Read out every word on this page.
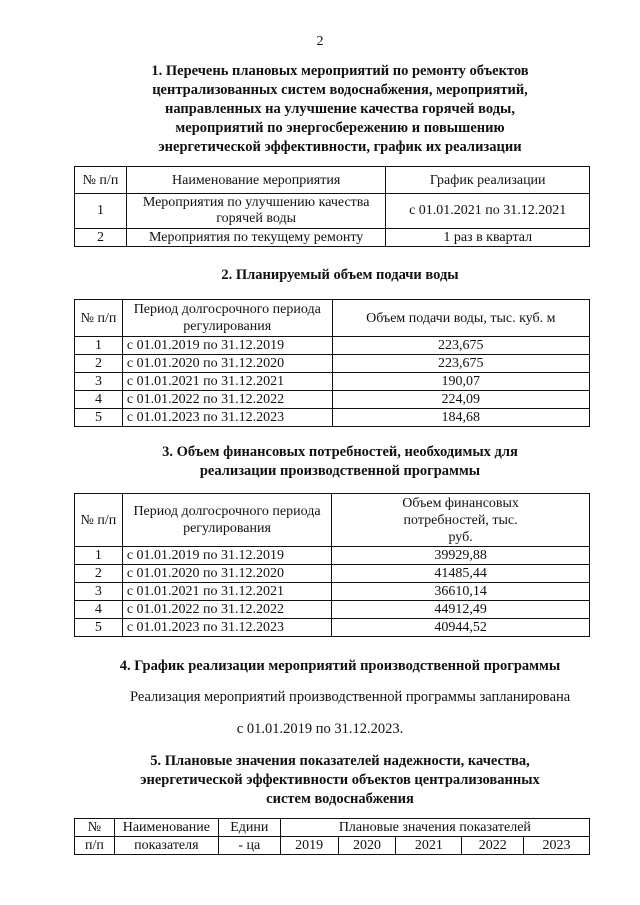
2
1. Перечень плановых мероприятий по ремонту объектов
централизованных систем водоснабжения, мероприятий,
направленных на улучшение качества горячей воды,
мероприятий по энергосбережению и повышению
энергетической эффективности, график их реализации
№ п/п	Наименование мероприятия	График реализации
1	Мероприятия по улучшению качества горячей воды	с 01.01.2021 по 31.12.2021
2	Мероприятия по текущему ремонту	1 раз в квартал
2. Планируемый объем подачи воды
№ п/п	Период долгосрочного периода регулирования	Объем подачи воды, тыс. куб. м
1	с 01.01.2019 по 31.12.2019	223,675
2	с 01.01.2020 по 31.12.2020	223,675
3	с 01.01.2021 по 31.12.2021	190,07
4	с 01.01.2022 по 31.12.2022	224,09
5	с 01.01.2023 по 31.12.2023	184,68
3. Объем финансовых потребностей, необходимых для
реализации производственной программы
№ п/п	Период долгосрочного периода регулирования	Объем финансовых потребностей, тыс. руб.
1	с 01.01.2019 по 31.12.2019	39929,88
2	с 01.01.2020 по 31.12.2020	41485,44
3	с 01.01.2021 по 31.12.2021	36610,14
4	с 01.01.2022 по 31.12.2022	44912,49
5	с 01.01.2023 по 31.12.2023	40944,52
4. График реализации мероприятий производственной программы
Реализация мероприятий производственной программы запланирована
с 01.01.2019 по 31.12.2023.
5. Плановые значения показателей надежности, качества,
энергетической эффективности объектов централизованных
систем водоснабжения
№	Наименование	Едини	Плановые значения показателей				
п/п	показателя	- ца	2019	2020	2021	2022	2023
